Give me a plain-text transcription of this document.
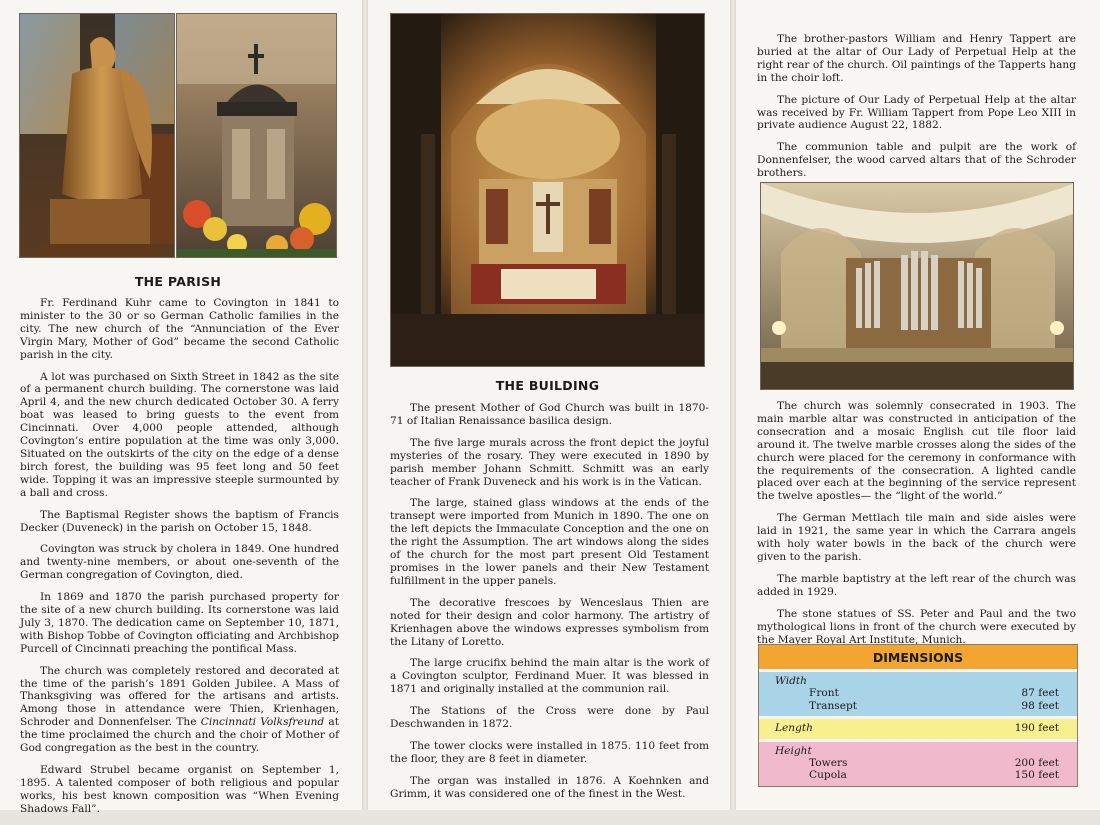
THE PARISH

Fr. Ferdinand Kuhr came to Covington in 1841 to minister to the 30 or so German Catholic families in the city. The new church of the “Annunciation of the Ever Virgin Mary, Mother of God” became the second Catholic parish in the city.

A lot was purchased on Sixth Street in 1842 as the site of a permanent church building. The cornerstone was laid April 4, and the new church dedicated October 30. A ferry boat was leased to bring guests to the event from Cincinnati. Over 4,000 people attended, although Covington’s entire population at the time was only 3,000. Situated on the outskirts of the city on the edge of a dense birch forest, the building was 95 feet long and 50 feet wide. Topping it was an impressive steeple surmounted by a ball and cross.

The Baptismal Register shows the baptism of Francis Decker (Duveneck) in the parish on October 15, 1848.

Covington was struck by cholera in 1849. One hundred and twenty-nine members, or about one-seventh of the German congregation of Covington, died.

In 1869 and 1870 the parish purchased property for the site of a new church building. Its cornerstone was laid July 3, 1870. The dedication came on September 10, 1871, with Bishop Tobbe of Covington officiating and Archbishop Purcell of Cincinnati preaching the pontifical Mass.

The church was completely restored and decorated at the time of the parish’s 1891 Golden Jubilee. A Mass of Thanksgiving was offered for the artisans and artists. Among those in attendance were Thien, Krienhagen, Schroder and Donnenfelser. The Cincinnati Volksfreund at the time proclaimed the church and the choir of Mother of God congregation as the best in the country.

Edward Strubel became organist on September 1, 1895. A talented composer of both religious and popular works, his best known composition was “When Evening Shadows Fall”.

THE BUILDING

The present Mother of God Church was built in 1870-71 of Italian Renaissance basilica design.

The five large murals across the front depict the joyful mysteries of the rosary. They were executed in 1890 by parish member Johann Schmitt. Schmitt was an early teacher of Frank Duveneck and his work is in the Vatican.

The large, stained glass windows at the ends of the transept were imported from Munich in 1890. The one on the left depicts the Immaculate Conception and the one on the right the Assumption. The art windows along the sides of the church for the most part present Old Testament promises in the lower panels and their New Testament fulfillment in the upper panels.

The decorative frescoes by Wenceslaus Thien are noted for their design and color harmony. The artistry of Krienhagen above the windows expresses symbolism from the Litany of Loretto.

The large crucifix behind the main altar is the work of a Covington sculptor, Ferdinand Muer. It was blessed in 1871 and originally installed at the communion rail.

The Stations of the Cross were done by Paul Deschwanden in 1872.

The tower clocks were installed in 1875. 110 feet from the floor, they are 8 feet in diameter.

The organ was installed in 1876. A Koehnken and Grimm, it was considered one of the finest in the West.

The brother-pastors William and Henry Tappert are buried at the altar of Our Lady of Perpetual Help at the right rear of the church. Oil paintings of the Tapperts hang in the choir loft.

The picture of Our Lady of Perpetual Help at the altar was received by Fr. William Tappert from Pope Leo XIII in private audience August 22, 1882.

The communion table and pulpit are the work of Donnenfelser, the wood carved altars that of the Schroder brothers.

The church was solemnly consecrated in 1903. The main marble altar was constructed in anticipation of the consecration and a mosaic English cut tile floor laid around it. The twelve marble crosses along the sides of the church were placed for the ceremony in conformance with the requirements of the consecration. A lighted candle placed over each at the beginning of the service represent the twelve apostles— the “light of the world.”

The German Mettlach tile main and side aisles were laid in 1921, the same year in which the Carrara angels with holy water bowls in the back of the church were given to the parish.

The marble baptistry at the left rear of the church was added in 1929.

The stone statues of SS. Peter and Paul and the two mythological lions in front of the church were executed by the Mayer Royal Art Institute, Munich.

DIMENSIONS
Width
Front	87 feet
Transept	98 feet
Length	190 feet
Height
Towers	200 feet
Cupola	150 feet
